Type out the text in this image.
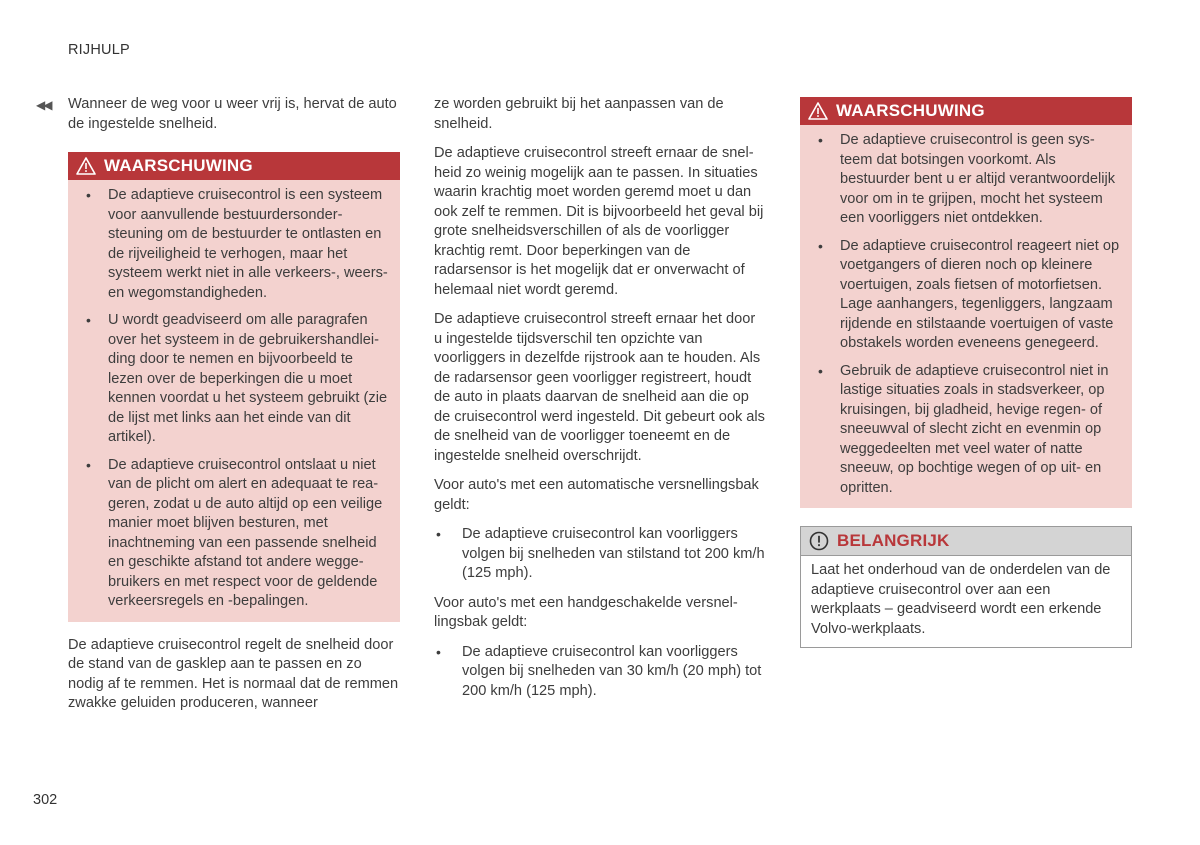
RIJHULP
◀◀ Wanneer de weg voor u weer vrij is, hervat de auto de ingestelde snelheid.

WAARSCHUWING
• De adaptieve cruisecontrol is een systeem voor aanvullende bestuurdersondersteuning om de bestuurder te ontlasten en de rijveiligheid te verhogen, maar het systeem werkt niet in alle verkeers-, weers- en wegomstandigheden.
• U wordt geadviseerd om alle paragrafen over het systeem in de gebruikershandleiding door te nemen en bijvoorbeeld te lezen over de beperkingen die u moet kennen voordat u het systeem gebruikt (zie de lijst met links aan het einde van dit artikel).
• De adaptieve cruisecontrol ontslaat u niet van de plicht om alert en adequaat te reageren, zodat u de auto altijd op een veilige manier moet blijven besturen, met inachtneming van een passende snelheid en geschikte afstand tot andere weggebruikers en met respect voor de geldende verkeersregels en -bepalingen.

De adaptieve cruisecontrol regelt de snelheid door de stand van de gasklep aan te passen en zo nodig af te remmen. Het is normaal dat de remmen zwakke geluiden produceren, wanneer

ze worden gebruikt bij het aanpassen van de snelheid.

De adaptieve cruisecontrol streeft ernaar de snelheid zo weinig mogelijk aan te passen. In situaties waarin krachtig moet worden geremd moet u dan ook zelf te remmen. Dit is bijvoorbeeld het geval bij grote snelheidsverschillen of als de voorligger krachtig remt. Door beperkingen van de radarsensor is het mogelijk dat er onverwacht of helemaal niet wordt geremd.

De adaptieve cruisecontrol streeft ernaar het door u ingestelde tijdsverschil ten opzichte van voorliggers in dezelfde rijstrook aan te houden. Als de radarsensor geen voorligger registreert, houdt de auto in plaats daarvan de snelheid aan die op de cruisecontrol werd ingesteld. Dit gebeurt ook als de snelheid van de voorligger toeneemt en de ingestelde snelheid overschrijdt.

Voor auto's met een automatische versnellingsbak geldt:

• De adaptieve cruisecontrol kan voorliggers volgen bij snelheden van stilstand tot 200 km/h (125 mph).

Voor auto's met een handgeschakelde versnellingsbak geldt:

• De adaptieve cruisecontrol kan voorliggers volgen bij snelheden van 30 km/h (20 mph) tot 200 km/h (125 mph).
WAARSCHUWING
• De adaptieve cruisecontrol is geen systeem dat botsingen voorkomt. Als bestuurder bent u er altijd verantwoordelijk voor om in te grijpen, mocht het systeem een voorliggers niet ontdekken.
• De adaptieve cruisecontrol reageert niet op voetgangers of dieren noch op kleinere voertuigen, zoals fietsen of motorfietsen. Lage aanhangers, tegenliggers, langzaam rijdende en stilstaande voertuigen of vaste obstakels worden eveneens genegeerd.
• Gebruik de adaptieve cruisecontrol niet in lastige situaties zoals in stadsverkeer, op kruisingen, bij gladheid, hevige regen- of sneeuwval of slecht zicht en evenmin op weggedeelten met veel water of natte sneeuw, op bochtige wegen of op uit- en opritten.
BELANGRIJK

Laat het onderhoud van de onderdelen van de adaptieve cruisecontrol over aan een werkplaats – geadviseerd wordt een erkende Volvo-werkplaats.

302
